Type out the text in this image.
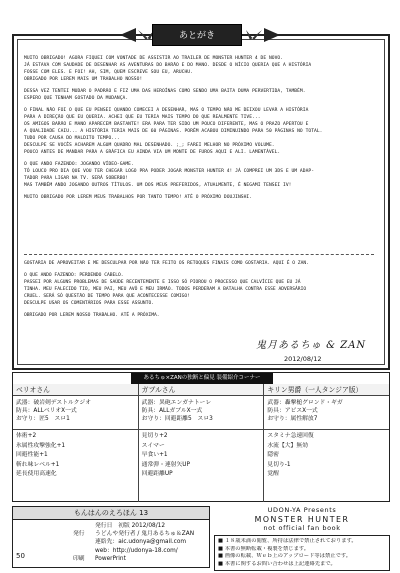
あとがき

MUITO OBRIGADO! AGORA FIQUEI COM VONTADE DE ASSISTIR AO TRAILER DE MONSTER HUNTER 4 DE NOVO.
JÁ ESTAVA COM SAUDADE DE DESENHAR AS AVENTURAS DO BARÃO E DO MANO. DESDE O NÍCIO QUERIA QUE A HISTÓRIA
FOSSE COM ELES. E FOI! AH, SIM, QUEM ESCREVE SOU EU, ARUCHU.
OBRIGADO POR LEREM MAIS UM TRABALHO NOSSO!

DESSA VEZ TENTEI MUDAR O PADRÃO E FIZ UMA DAS HEROÍNAS COMO SENDO UMA BAITA DUMA PERVERTIDA, TAMBÉM.
ESPERO QUE TENHAM GOSTADO DA MUDANÇA.

O FINAL NÃO FOI O QUE EU PENSEI QUANDO COMECEI A DESENHAR, MAS O TEMPO NÃO ME DEIXOU LEVAR A HISTÓRIA
PARA A DIREÇÃO QUE EU QUERIA. ACHEI QUE EU TERIA MAIS TEMPO DO QUE REALMENTE TIVE...
OS AMIGOS BARÃO E MANO APARECEM BASTANTE! ERA PARA TER SIDO UM POUCO DIFERENTE, MAS O PRAZO APERTOU E
A QUALIDADE CAIU... A HISTÓRIA TERIA MAIS DE 60 PÁGINAS. PORÉM ACABOU DIMINUINDO PARA 50 PÁGINAS NO TOTAL.
TUDO POR CAUSA DO MALDITO TEMPO...
DESCULPE SE VOCÊS ACHAREM ALGUM QUADRO MAL DESENHADO. ;_; FAREI MELHOR NO PRÓXIMO VOLUME.
POUCO ANTES DE MANDAR PARA A GRÁFICA EU AINDA VIA UM MONTE DE FUROS AQUI E ALI. LAMENTÁVEL.

O QUE ANDO FAZENDO: JOGANDO VÍDEO-GAME.
TÔ LOUCO PRO DIA QUE VOU TER CHEGAR LOGO PRA PODER JOGAR MONSTER HUNTER 4! JÁ COMPREI UM 3DS E UM ADAP-
TADOR PARA LIGAR NA TV. SERÁ SOBERBO!
MAS TAMBÉM ANDO JOGANDO OUTROS TÍTULOS. UM DOS MEUS PREFERIDOS, ATUALMENTE, É NEGAMI TENSEI IV!

MUITO OBRIGADO POR LEREM MEUS TRABALHOS POR TANTO TEMPO! ATÉ O PRÓXIMO DOUJINSHI.

GOSTARIA DE APROVEITAR E ME DESCULPAR POR NÃO TER FEITO OS RETOQUES FINAIS COMO GOSTARIA. AQUI É O ZAN.

O QUE ANDO FAZENDO: PERDENDO CABELO.
PASSEI POR ALGUNS PROBLEMAS DE SAÚDE RECENTEMENTE E ISSO SÓ PIOROU O PROCESSO QUE CALVÍCIE QUE EU JÁ
TINHA. MEU FALECIDO TIO, MEU PAI, MEU AVÔ E MEU IRMÃO. TODOS PERDERAM A BATALHA CONTRA ESSE ADVERSÁRIO
CRUEL. SERÁ SÓ QUESTÃO DE TEMPO PARA QUE ACONTECESSE COMIGO!
DESCULPE USAR OS COMENTÁRIOS PARA ESSE ASSUNTO.

OBRIGADO POR LEREM NOSSO TRABALHO. ATÉ A PRÓXIMA.

鬼月あるちゅ & ZAN
2012/08/12
あるちゅ×ZANの独断と偏見 装備紹介コーナー
ベリオさん
武器：破岩剣デストルクジオ
防具：ALLベリオX一式
お守り：匠5　スロ1
体術+2
氷属性攻撃強化+1
回避性能+1
斬れ味レベル+1
延長使用高速化
ガブルさん
武器：異砲エンガナトーレ
防具：ALLガブルX一式
お守り：回避距離5　スロ3
見切り+2
スイマー
早食い+1
通常弾・連射矢UP
回避距離UP
キリン男爵（一人タンジア版）
武器：轟撃槌グロンド・ギガ
防具：アビスX一式
お守り：属性解放7
スタミナ急速回復
水流【大】無効
隠密
見切り-1
覚醒
もんはんのえろほん 13
発行日　初版 2012/08/12
発行	うどんや発行者 / 鬼月あるちゅ＆ZAN
連絡先：aic.udonya@gmail.com
web：http://udonya-18.com/
印刷	PowerPrint
50
UDON-YA Presents
MONSTER HUNTER
not official fan book
■ １８歳未満の閲覧、所持は法律で禁止されております。
■ 本書の無断転載・複製を禁じます。
■ 画像の転載、Ｗｅｂ上のアップロード等は禁止です。
■ 本書に関するお問い合わせは上記連絡先まで。
